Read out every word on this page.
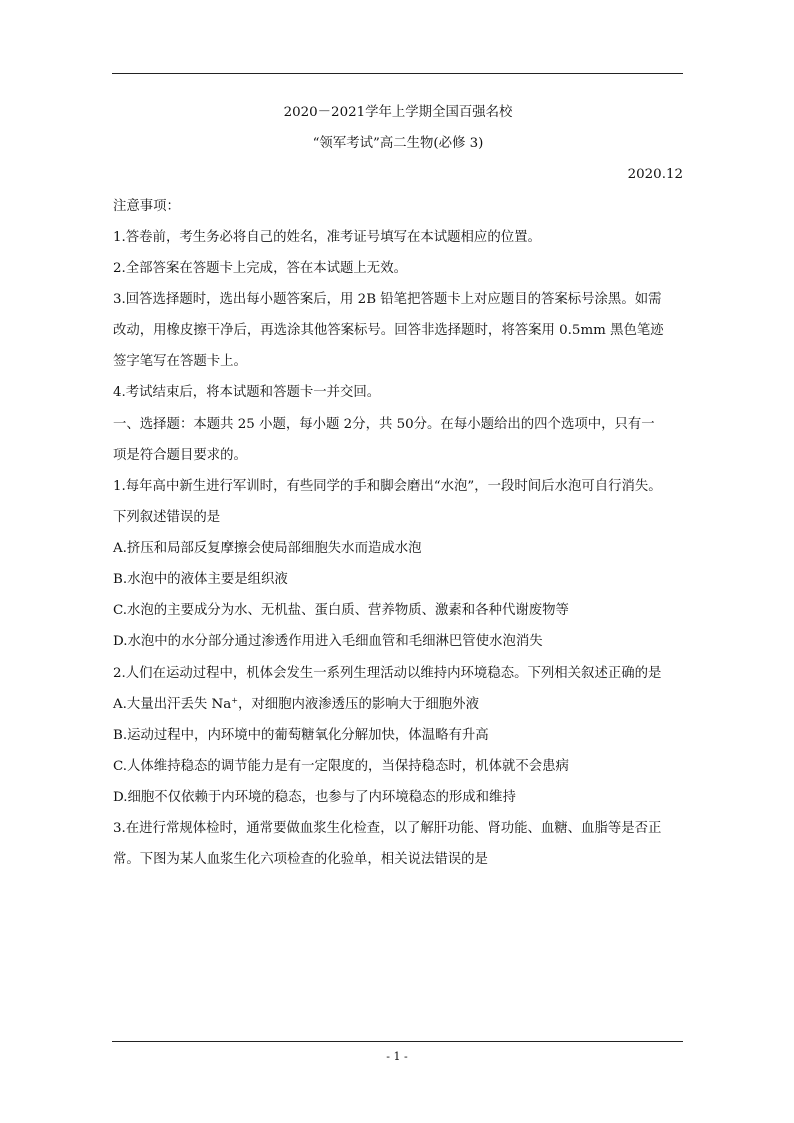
2020－2021学年上学期全国百强名校
“领军考试”高二生物(必修 3)
2020.12
注意事项：
1.答卷前，考生务必将自己的姓名，准考证号填写在本试题相应的位置。
2.全部答案在答题卡上完成，答在本试题上无效。
3.回答选择题时，选出每小题答案后，用 2B 铅笔把答题卡上对应题目的答案标号涂黑。如需
改动，用橡皮擦干净后，再选涂其他答案标号。回答非选择题时，将答案用 0.5mm 黑色笔迹
签字笔写在答题卡上。
4.考试结束后，将本试题和答题卡一并交回。
一、选择题：本题共 25 小题，每小题 2分，共 50分。在每小题给出的四个选项中，只有一
项是符合题目要求的。
1.每年高中新生进行军训时，有些同学的手和脚会磨出“水泡”，一段时间后水泡可自行消失。
下列叙述错误的是
A.挤压和局部反复摩擦会使局部细胞失水而造成水泡
B.水泡中的液体主要是组织液
C.水泡的主要成分为水、无机盐、蛋白质、营养物质、激素和各种代谢废物等
D.水泡中的水分部分通过渗透作用进入毛细血管和毛细淋巴管使水泡消失
2.人们在运动过程中，机体会发生一系列生理活动以维持内环境稳态。下列相关叙述正确的是
A.大量出汗丢失 Na+，对细胞内液渗透压的影响大于细胞外液
B.运动过程中，内环境中的葡萄糖氧化分解加快，体温略有升高
C.人体维持稳态的调节能力是有一定限度的，当保持稳态时，机体就不会患病
D.细胞不仅依赖于内环境的稳态，也参与了内环境稳态的形成和维持
3.在进行常规体检时，通常要做血浆生化检查，以了解肝功能、肾功能、血糖、血脂等是否正
常。下图为某人血浆生化六项检查的化验单，相关说法错误的是
- 1 -
